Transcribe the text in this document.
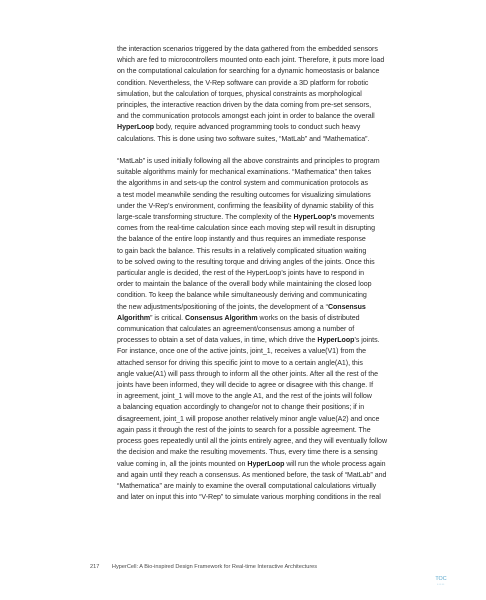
the interaction scenarios triggered by the data gathered from the embedded sensors
which are fed to microcontrollers mounted onto each joint. Therefore, it puts more load
on the computational calculation for searching for a dynamic homeostasis or balance
condition. Nevertheless, the V-Rep software can provide a 3D platform for robotic
simulation, but the calculation of torques, physical constraints as morphological
principles, the interactive reaction driven by the data coming from pre-set sensors,
and the communication protocols amongst each joint in order to balance the overall
HyperLoop body, require advanced programming tools to conduct such heavy
calculations. This is done using two software suites, “MatLab” and “Mathematica”.

“MatLab” is used initially following all the above constraints and principles to program
suitable algorithms mainly for mechanical examinations. “Mathematica” then takes
the algorithms in and sets-up the control system and communication protocols as
a test model meanwhile sending the resulting outcomes for visualizing simulations
under the V-Rep’s environment, confirming the feasibility of dynamic stability of this
large-scale transforming structure. The complexity of the HyperLoop’s movements
comes from the real-time calculation since each moving step will result in disrupting
the balance of the entire loop instantly and thus requires an immediate response
to gain back the balance. This results in a relatively complicated situation waiting
to be solved owing to the resulting torque and driving angles of the joints. Once this
particular angle is decided, the rest of the HyperLoop’s joints have to respond in
order to maintain the balance of the overall body while maintaining the closed loop
condition. To keep the balance while simultaneously deriving and communicating
the new adjustments/positioning of the joints, the development of a “Consensus
Algorithm” is critical. Consensus Algorithm works on the basis of distributed
communication that calculates an agreement/consensus among a number of
processes to obtain a set of data values, in time, which drive the HyperLoop’s joints.
For instance, once one of the active joints, joint_1, receives a value(V1) from the
attached sensor for driving this specific joint to move to a certain angle(A1), this
angle value(A1) will pass through to inform all the other joints. After all the rest of the
joints have been informed, they will decide to agree or disagree with this change. If
in agreement, joint_1 will move to the angle A1, and the rest of the joints will follow
a balancing equation accordingly to change/or not to change their positions; if in
disagreement, joint_1 will propose another relatively minor angle value(A2) and once
again pass it through the rest of the joints to search for a possible agreement. The
process goes repeatedly until all the joints entirely agree, and they will eventually follow
the decision and make the resulting movements. Thus, every time there is a sensing
value coming in, all the joints mounted on HyperLoop will run the whole process again
and again until they reach a consensus. As mentioned before, the task of “MatLab” and
“Mathematica” are mainly to examine the overall computational calculations virtually
and later on input this into “V-Rep” to simulate various morphing conditions in the real

217 HyperCell: A Bio-inspired Design Framework for Real-time Interactive Architectures
TOC
•••••
